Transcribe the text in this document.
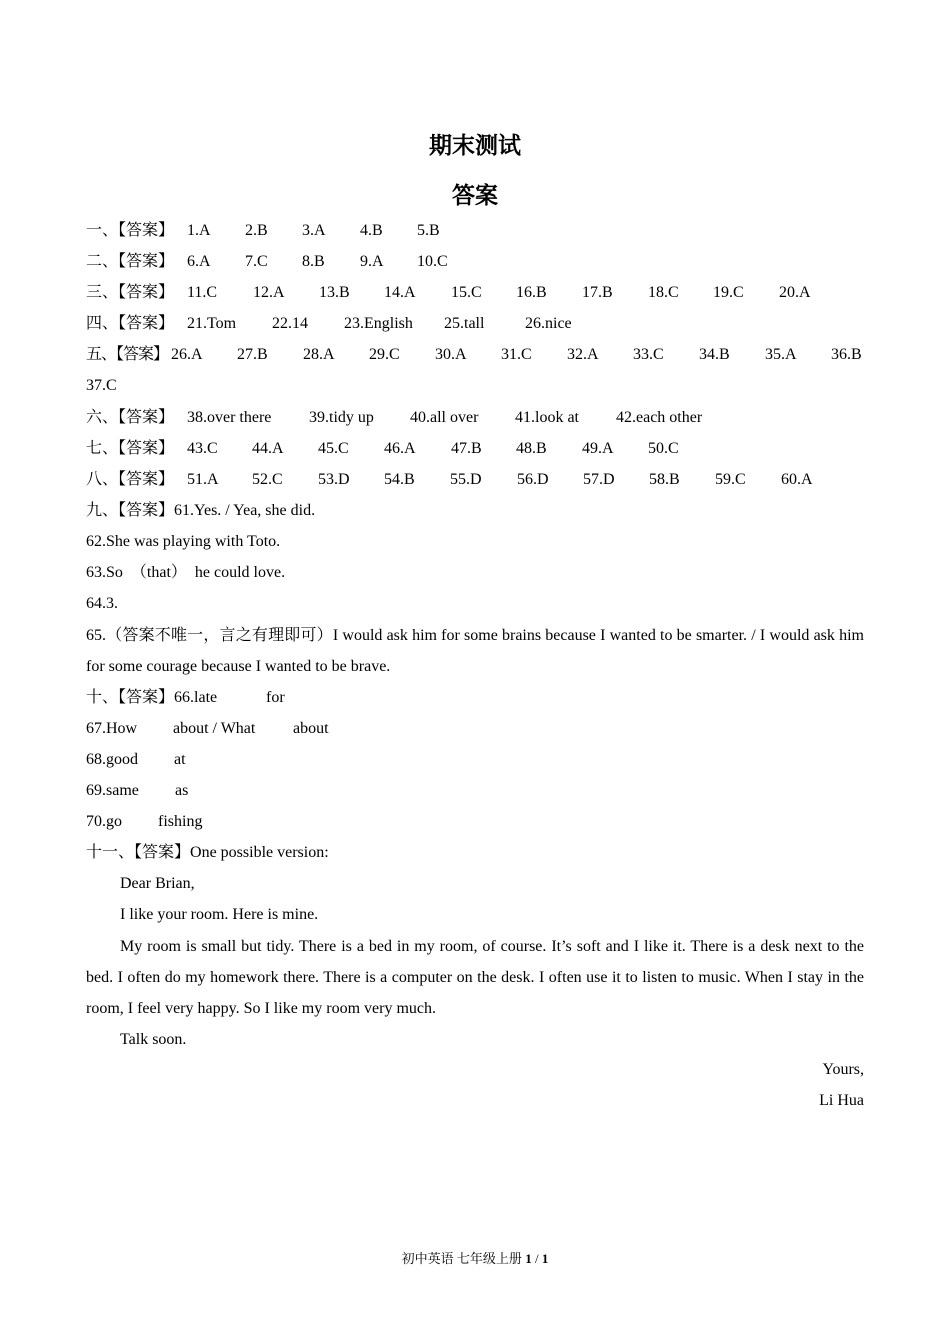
期末测试
答案
一、【答案】 1.A 2.B 3.A 4.B 5.B
二、【答案】 6.A 7.C 8.B 9.A 10.C
三、【答案】 11.C 12.A 13.B 14.A 15.C 16.B 17.B 18.C 19.C 20.A
四、【答案】 21.Tom 22.14 23.English 25.tall	26.nice
五、【答案】 26.A 27.B 28.A 29.C 30.A 31.C 32.A 33.C 34.B 35.A 36.B
37.C
六、【答案】 38.over there 39.tidy up 40.all over 41.look at 42.each other
七、【答案】 43.C 44.A 45.C 46.A 47.B 48.B 49.A 50.C
八、【答案】 51.A 52.C 53.D 54.B 55.D 56.D 57.D 58.B 59.C 60.A
九、【答案】61.Yes. / Yea, she did.
62.She was playing with Toto.
63.So （that） he could love.
64.3.
65.（答案不唯一，言之有理即可）I would ask him for some brains because I wanted to be smarter. / I would ask him for some courage because I wanted to be brave.
十、【答案】66.late	for
67.How about / What about
68.good at
69.same as
70.go fishing
十一、【答案】One possible version:
Dear Brian,
I like your room. Here is mine.
My room is small but tidy. There is a bed in my room, of course. It’s soft and I like it. There is a desk next to the bed. I often do my homework there. There is a computer on the desk. I often use it to listen to music. When I stay in the room, I feel very happy. So I like my room very much.
Talk soon.
Yours,
Li Hua
初中英语 七年级上册 1 / 1
